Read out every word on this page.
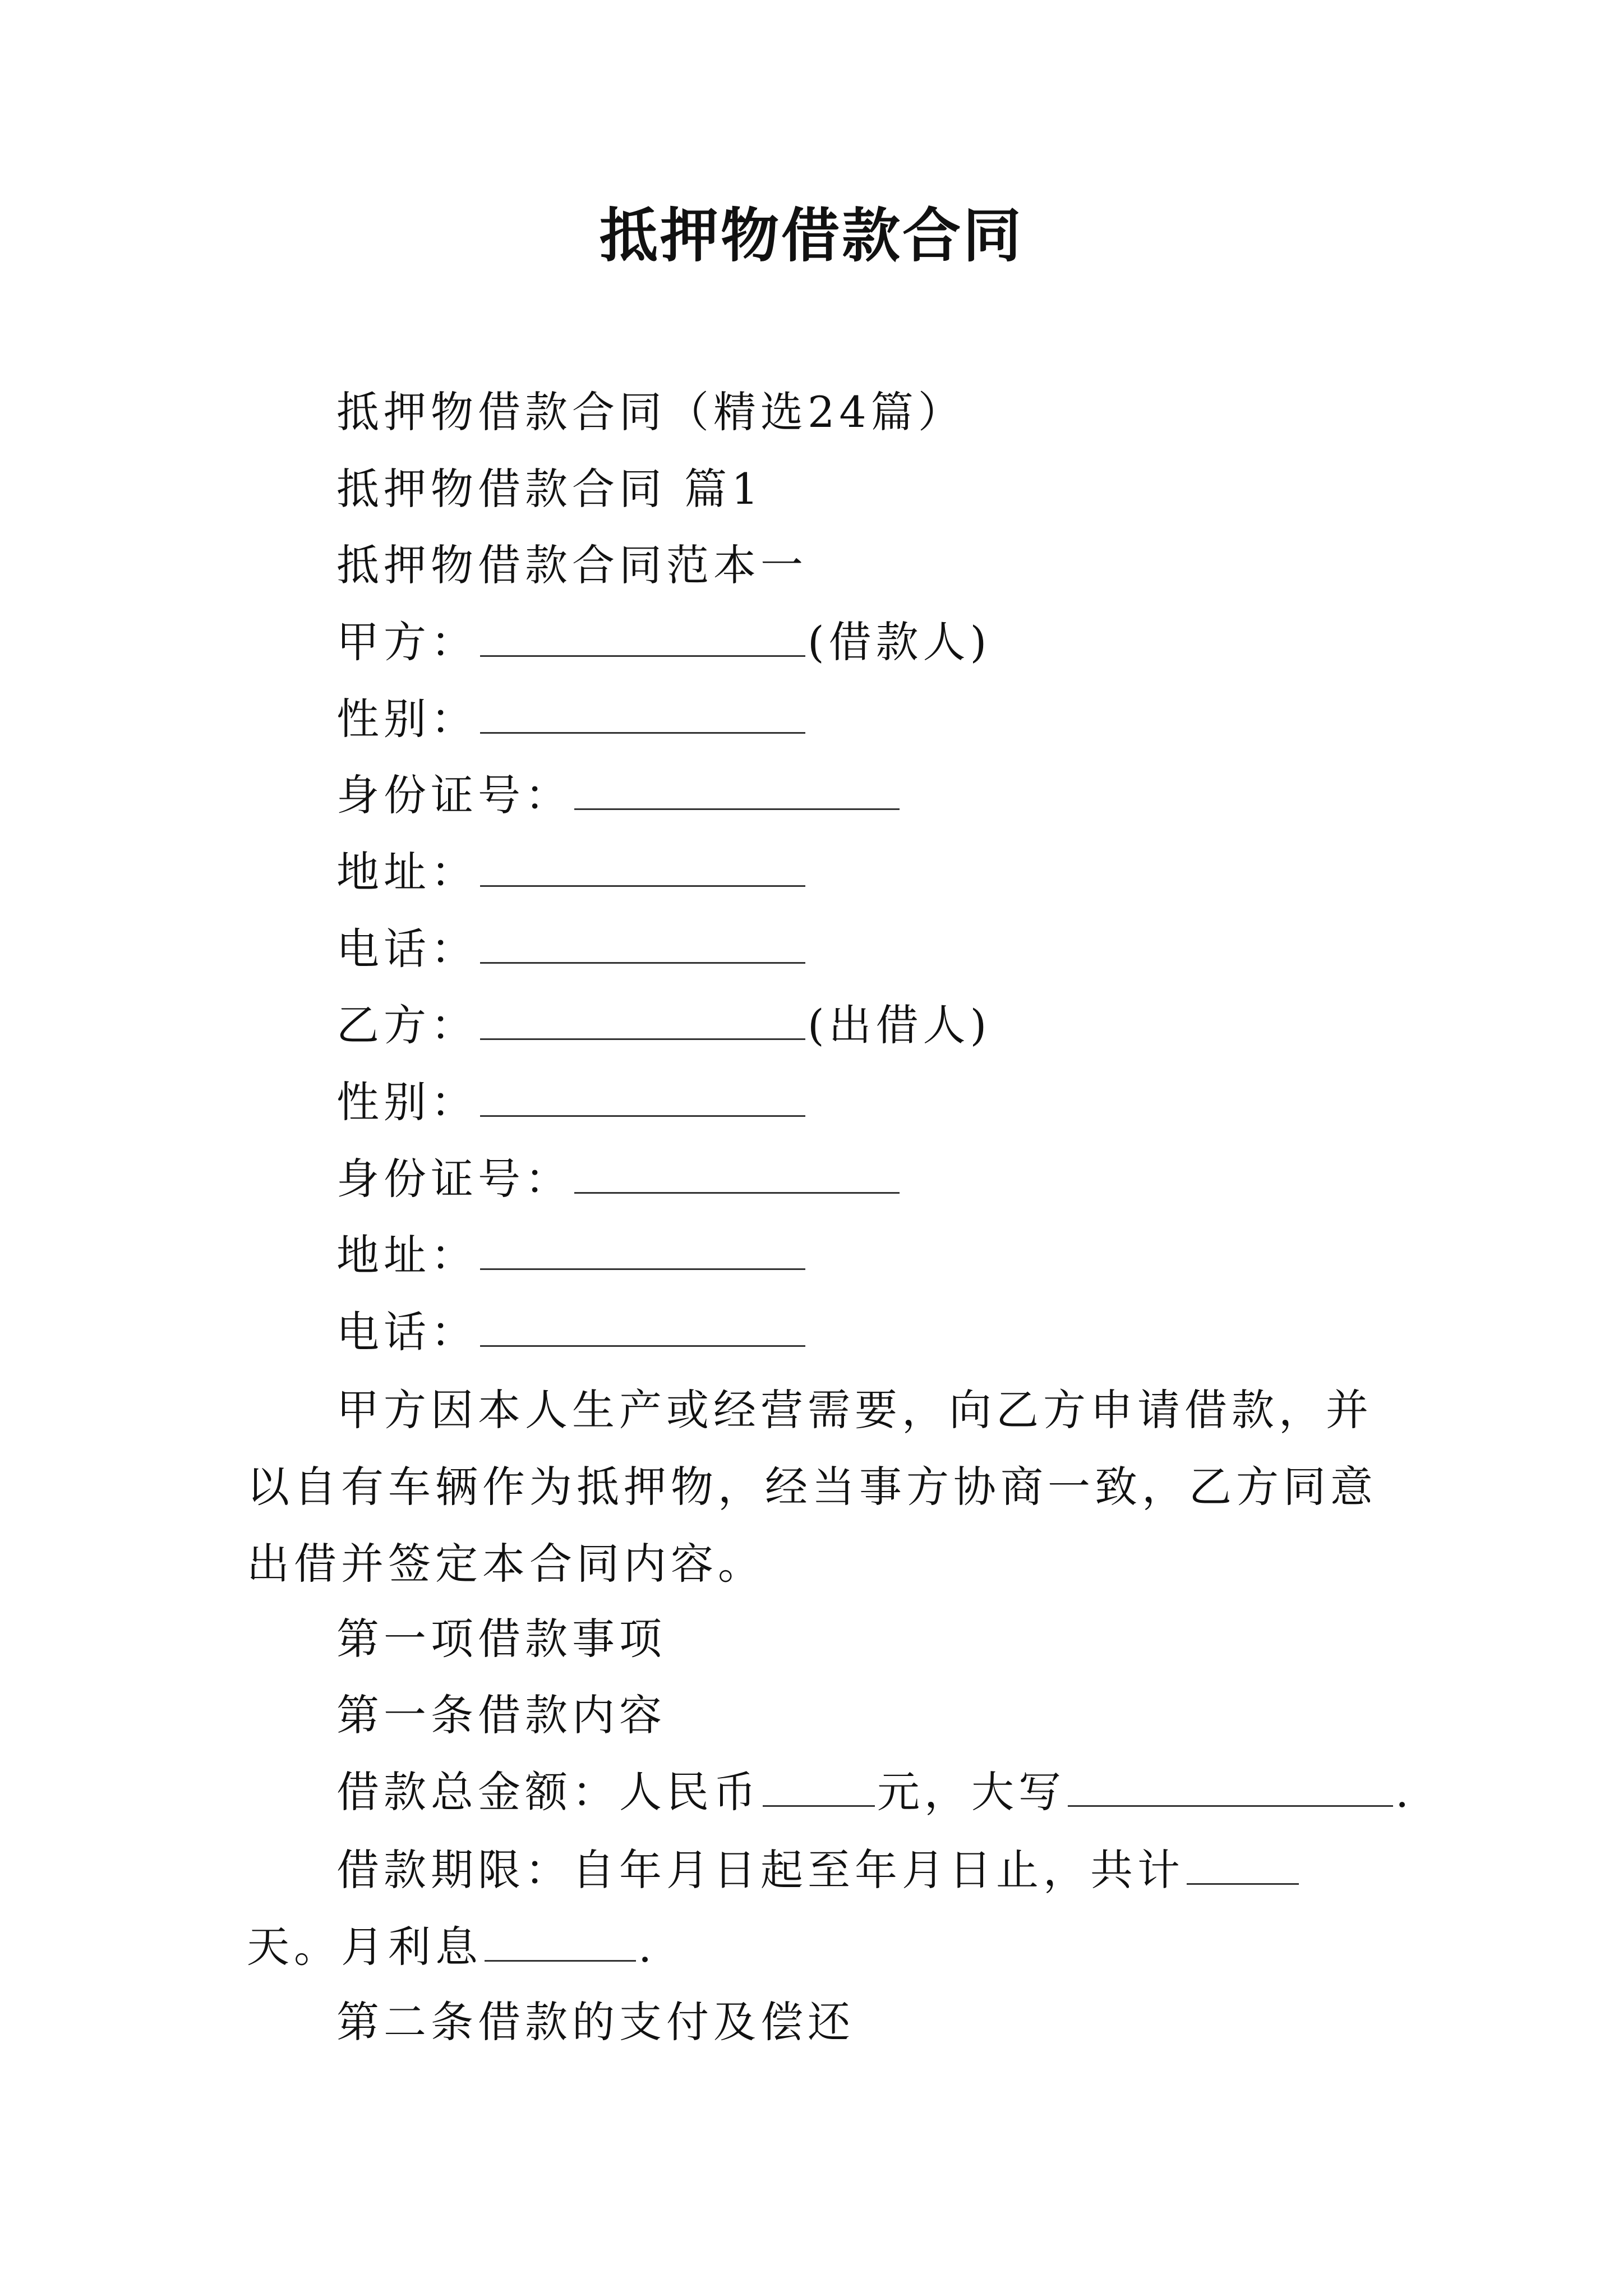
抵押物借款合同
抵押物借款合同（精选24篇）
抵押物借款合同 篇1
抵押物借款合同范本一
甲方：	(借款人)
性别：
身份证号：
地址：
电话：
乙方：	(出借人)
性别：
身份证号：
地址：
电话：

甲方因本人生产或经营需要，向乙方申请借款，并以自有车辆作为抵押物，经当事方协商一致，乙方同意出借并签定本合同内容。

第一项借款事项
第一条借款内容
借款总金额：人民币	元，大写	.
借款期限：自年月日起至年月日止，共计天。月利息	.
第二条借款的支付及偿还
